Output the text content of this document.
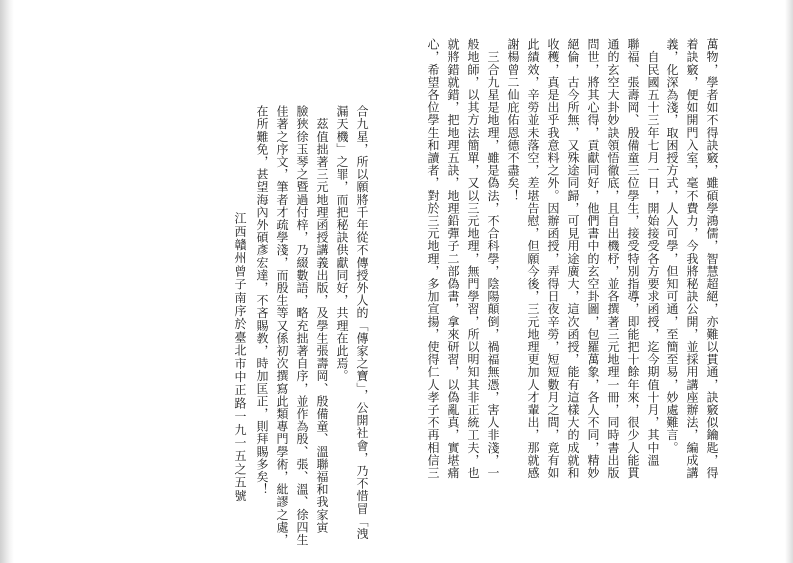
萬物，學者如不得訣竅，雖碩學鴻儒，智慧超絕，亦難以貫通，訣竅似鑰匙，得
着訣竅，便如開門入室，毫不費力，今我將秘訣公開，並採用講座辦法，編成講
義，化深為淺，取困授方式，人人可學，但知可通，至簡至易，妙處難言。
　自民國五十三年七月一日，開始接受各方要求函授，迄今期值十月，其中溫
聯福、張壽岡、殷備童三位學生，接受特別指導，即能把十餘年來，很少人能貫
通的玄空大卦妙訣領悟徹底，且自出機杼，並各撰著三元地理一冊，同時書出版
問世，將其心得，貢獻同好，他們書中的玄空卦圖，包羅萬象，各人不同，精妙
絕倫，古今所無，又殊途同歸，可見用途廣大，這次函授，能有這樣大的成就和
收穫，真是出乎我意料之外。因辦函授，弄得日夜辛勞，短短數月之間，竟有如
此績效，辛勞並未落空，差堪告慰，但願今後，三元地理更加人才輩出，那就感
謝楊曾二仙庇佑恩德不盡矣！
　三合九星是地理，雖是偽法，不合科學，陰陽顛倒，禍福無憑，害人非淺，一
般地師，以其方法簡單，又以三元地理，無門學習，所以明知其非正統工夫，也
就將錯就錯，把地理五訣，地理鉛彈子二部偽書，拿來研習，以偽亂真，實堪痛
心，希望各位學生和讀者，對於三元地理，多加宣揚，使得仁人孝子不再相信三
合九星，所以願將千年從不傳授外人的「傳家之寶」，公開社會，乃不惜冒「洩
漏天機」之罪，而把秘訣供獻同好，共理在此焉。
　茲值拙著三元地理函授講義出版，及學生張壽岡、殷備童、溫聯福和我家寅
臉狹徐玉琴之暨過付梓，乃綴數語，略充拙著自序，並作為殷、張、溫、徐四生
佳著之序文，筆者才疏學淺，而殷生等又係初次撰寫此類專門學術，紕謬之處，
在所難免，甚望海內外碩彥宏達，不吝賜教，時加匡正，則拜賜多矣！
江西贛州曾子南序於臺北市中正路一九一五之五號
